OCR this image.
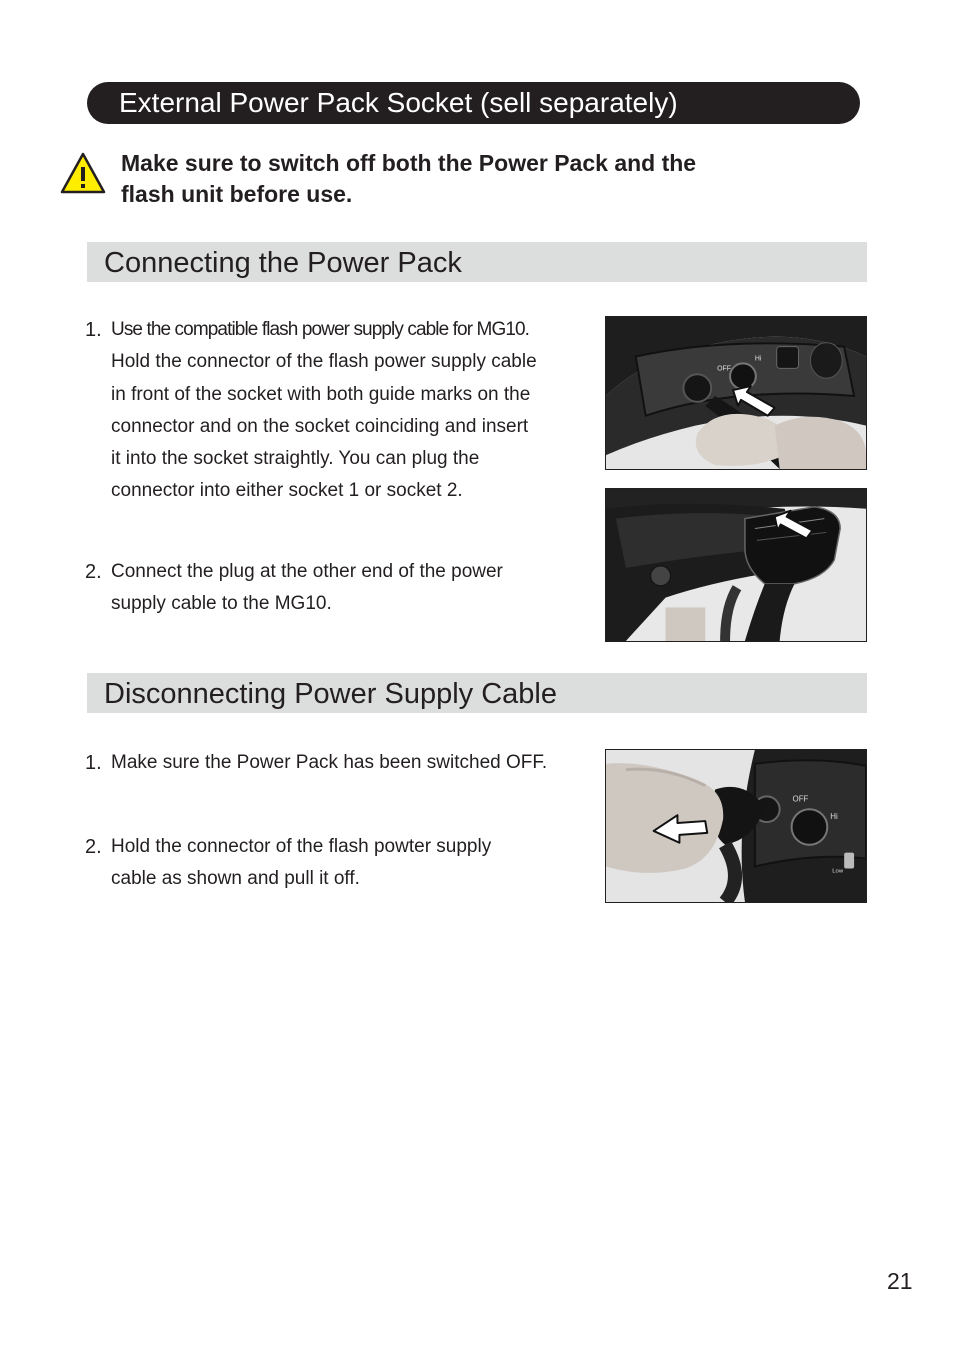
External Power Pack Socket (sell separately)
Make sure to switch off both the Power Pack and the
flash unit before use.
Connecting the Power Pack
1. Use the compatible flash power supply cable for MG10.
Hold the connector of the flash power supply cable
in front of the socket with both guide marks on the
connector and on the socket coinciding and insert
it into the socket straightly. You can plug the
connector into either socket 1 or socket 2.
2. Connect the plug at the other end of the power
supply cable to the MG10.
OFF
Hi
Disconnecting Power Supply Cable
1. Make sure the Power Pack has been switched OFF.
2. Hold the connector of the flash powter supply
cable as shown and pull it off.
OFF
Hi
Low
21
